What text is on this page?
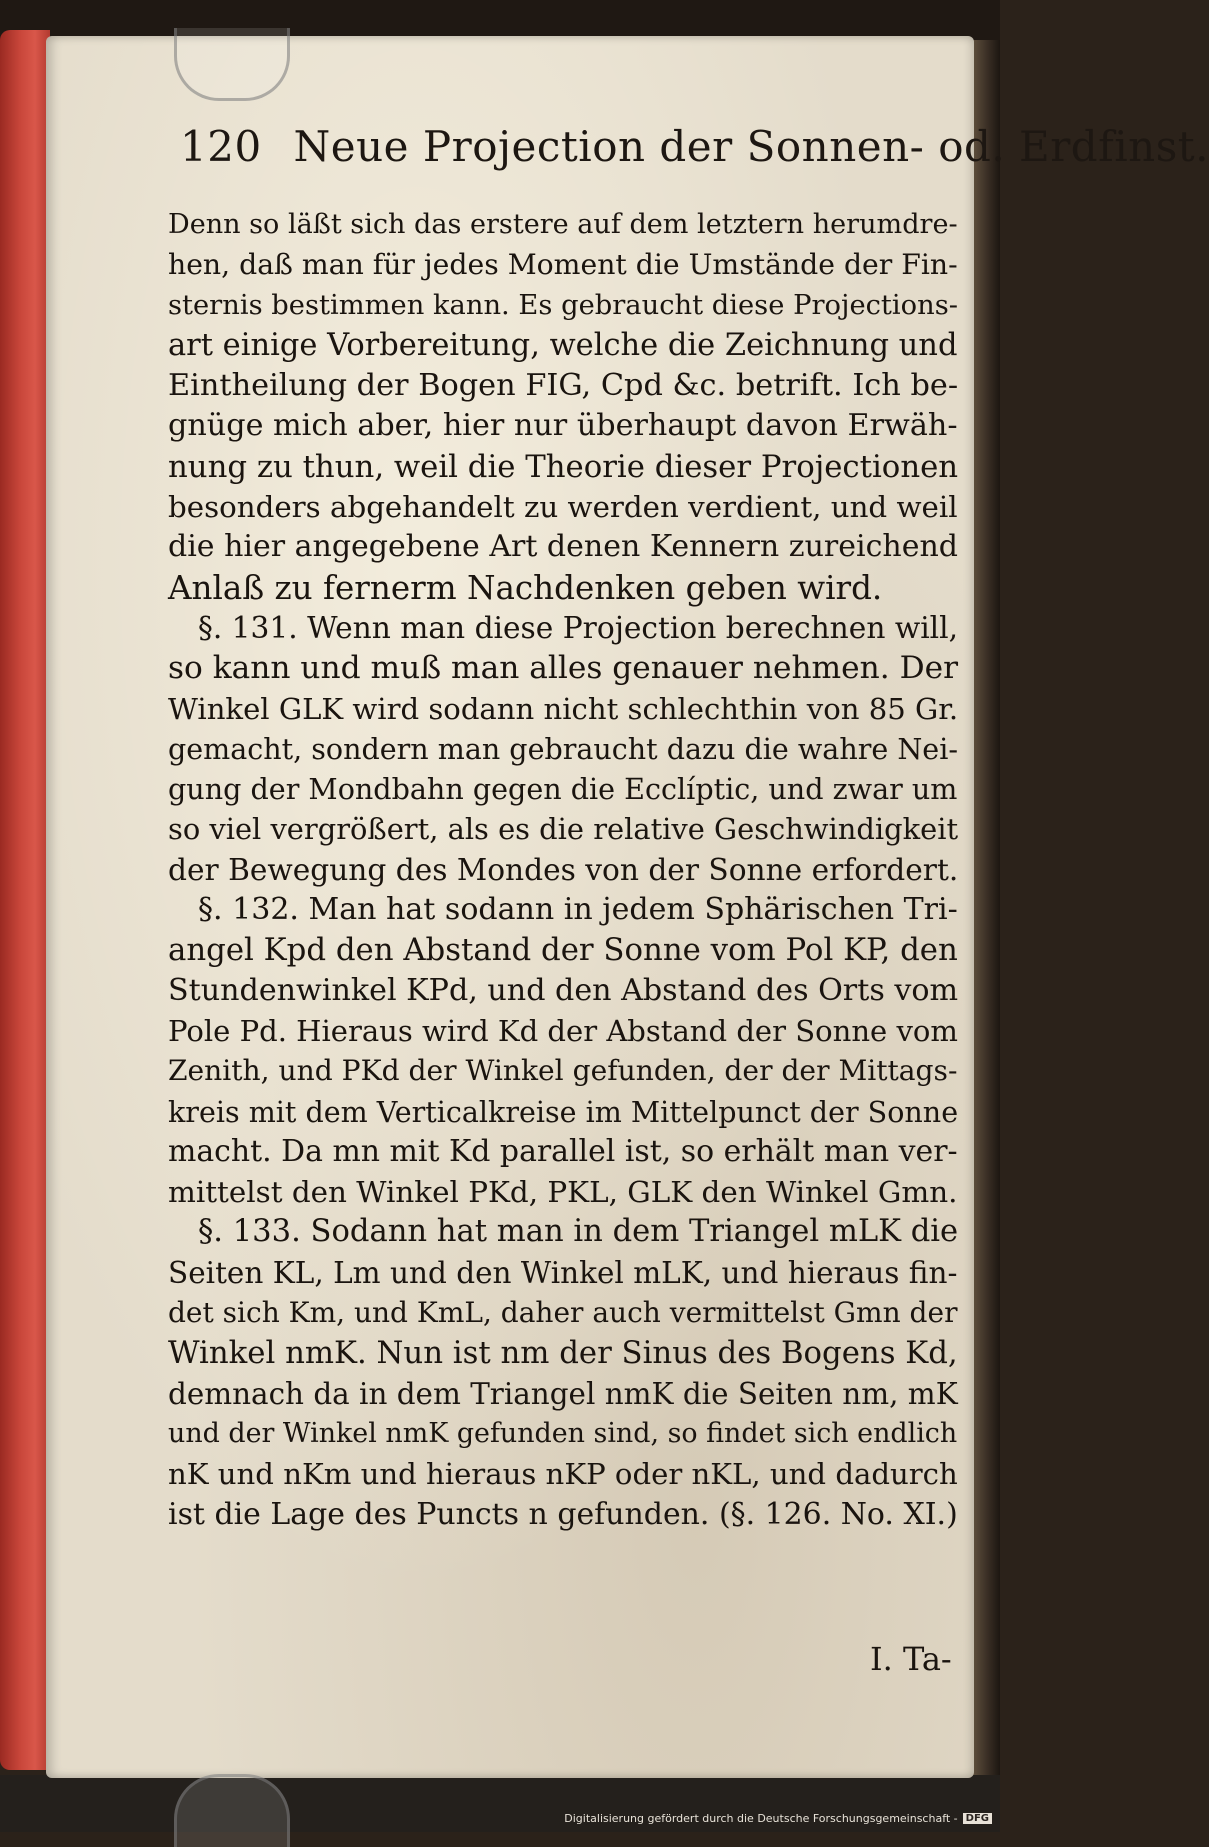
120 Neue Projection der Sonnen- od. Erdfinst.
Denn so läßt sich das erstere auf dem letztern herumdre-
hen, daß man für jedes Moment die Umstände der Fin-
sternis bestimmen kann. Es gebraucht diese Projections-
art einige Vorbereitung, welche die Zeichnung und
Eintheilung der Bogen FIG, Cpd &c. betrift. Ich be-
gnüge mich aber, hier nur überhaupt davon Erwäh-
nung zu thun, weil die Theorie dieser Projectionen
besonders abgehandelt zu werden verdient, und weil
die hier angegebene Art denen Kennern zureichend
Anlaß zu fernerm Nachdenken geben wird.
§. 131. Wenn man diese Projection berechnen will,
so kann und muß man alles genauer nehmen. Der
Winkel GLK wird sodann nicht schlechthin von 85 Gr.
gemacht, sondern man gebraucht dazu die wahre Nei-
gung der Mondbahn gegen die Ecclíptic, und zwar um
so viel vergrößert, als es die relative Geschwindigkeit
der Bewegung des Mondes von der Sonne erfordert.
§. 132. Man hat sodann in jedem Sphärischen Tri-
angel Kpd den Abstand der Sonne vom Pol KP, den
Stundenwinkel KPd, und den Abstand des Orts vom
Pole Pd. Hieraus wird Kd der Abstand der Sonne vom
Zenith, und PKd der Winkel gefunden, der der Mittags-
kreis mit dem Verticalkreise im Mittelpunct der Sonne
macht. Da mn mit Kd parallel ist, so erhält man ver-
mittelst den Winkel PKd, PKL, GLK den Winkel Gmn.
§. 133. Sodann hat man in dem Triangel mLK die
Seiten KL, Lm und den Winkel mLK, und hieraus fin-
det sich Km, und KmL, daher auch vermittelst Gmn der
Winkel nmK. Nun ist nm der Sinus des Bogens Kd,
demnach da in dem Triangel nmK die Seiten nm, mK
und der Winkel nmK gefunden sind, so findet sich endlich
nK und nKm und hieraus nKP oder nKL, und dadurch
ist die Lage des Puncts n gefunden. (§. 126. No. XI.)
I. Ta-
Digitalisierung gefördert durch die Deutsche Forschungsgemeinschaft - DFG
